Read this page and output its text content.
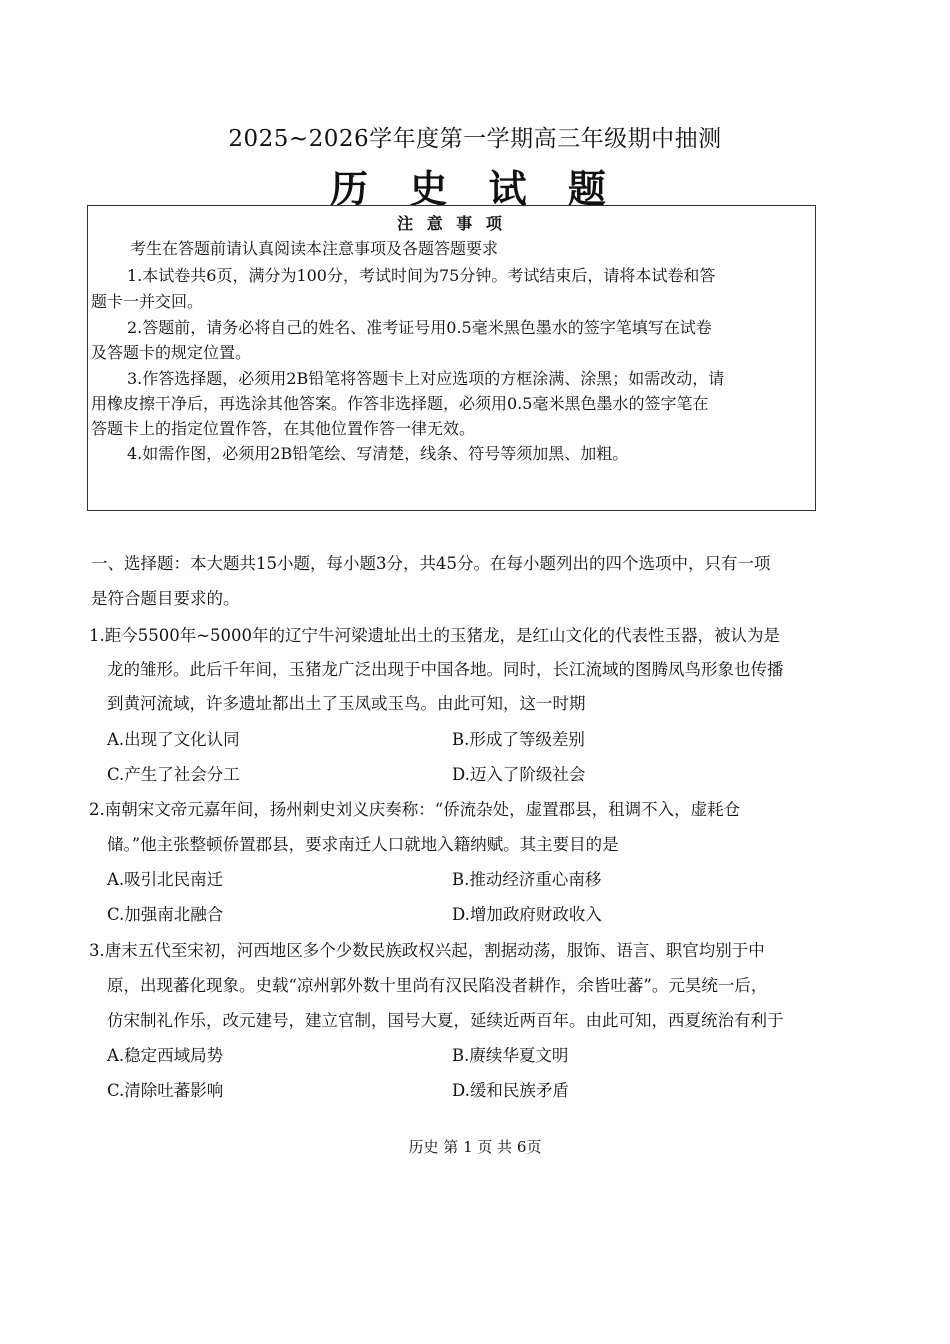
2025~2026学年度第一学期高三年级期中抽测
历 史 试 题
注 意 事 项
考生在答题前请认真阅读本注意事项及各题答题要求
1.本试卷共6页，满分为100分，考试时间为75分钟。考试结束后，请将本试卷和答
题卡一并交回。
2.答题前，请务必将自己的姓名、准考证号用0.5毫米黑色墨水的签字笔填写在试卷
及答题卡的规定位置。
3.作答选择题，必须用2B铅笔将答题卡上对应选项的方框涂满、涂黑；如需改动，请
用橡皮擦干净后，再选涂其他答案。作答非选择题，必须用0.5毫米黑色墨水的签字笔在
答题卡上的指定位置作答，在其他位置作答一律无效。
4.如需作图，必须用2B铅笔绘、写清楚，线条、符号等须加黑、加粗。
一、选择题：本大题共15小题，每小题3分，共45分。在每小题列出的四个选项中，只有一项
是符合题目要求的。
1.距今5500年~5000年的辽宁牛河梁遗址出土的玉猪龙，是红山文化的代表性玉器，被认为是
龙的雏形。此后千年间，玉猪龙广泛出现于中国各地。同时，长江流域的图腾凤鸟形象也传播
到黄河流域，许多遗址都出土了玉凤或玉鸟。由此可知，这一时期
A.出现了文化认同	B.形成了等级差别
C.产生了社会分工	D.迈入了阶级社会
2.南朝宋文帝元嘉年间，扬州刺史刘义庆奏称：“侨流杂处，虚置郡县，租调不入，虚耗仓
储。”他主张整顿侨置郡县，要求南迁人口就地入籍纳赋。其主要目的是
A.吸引北民南迁	B.推动经济重心南移
C.加强南北融合	D.增加政府财政收入
3.唐末五代至宋初，河西地区多个少数民族政权兴起，割据动荡，服饰、语言、职官均别于中
原，出现蕃化现象。史载“凉州郭外数十里尚有汉民陷没者耕作，余皆吐蕃”。元昊统一后，
仿宋制礼作乐，改元建号，建立官制，国号大夏，延续近两百年。由此可知，西夏统治有利于
A.稳定西域局势	B.赓续华夏文明
C.清除吐蕃影响	D.缓和民族矛盾
历史 第 1 页 共 6页
